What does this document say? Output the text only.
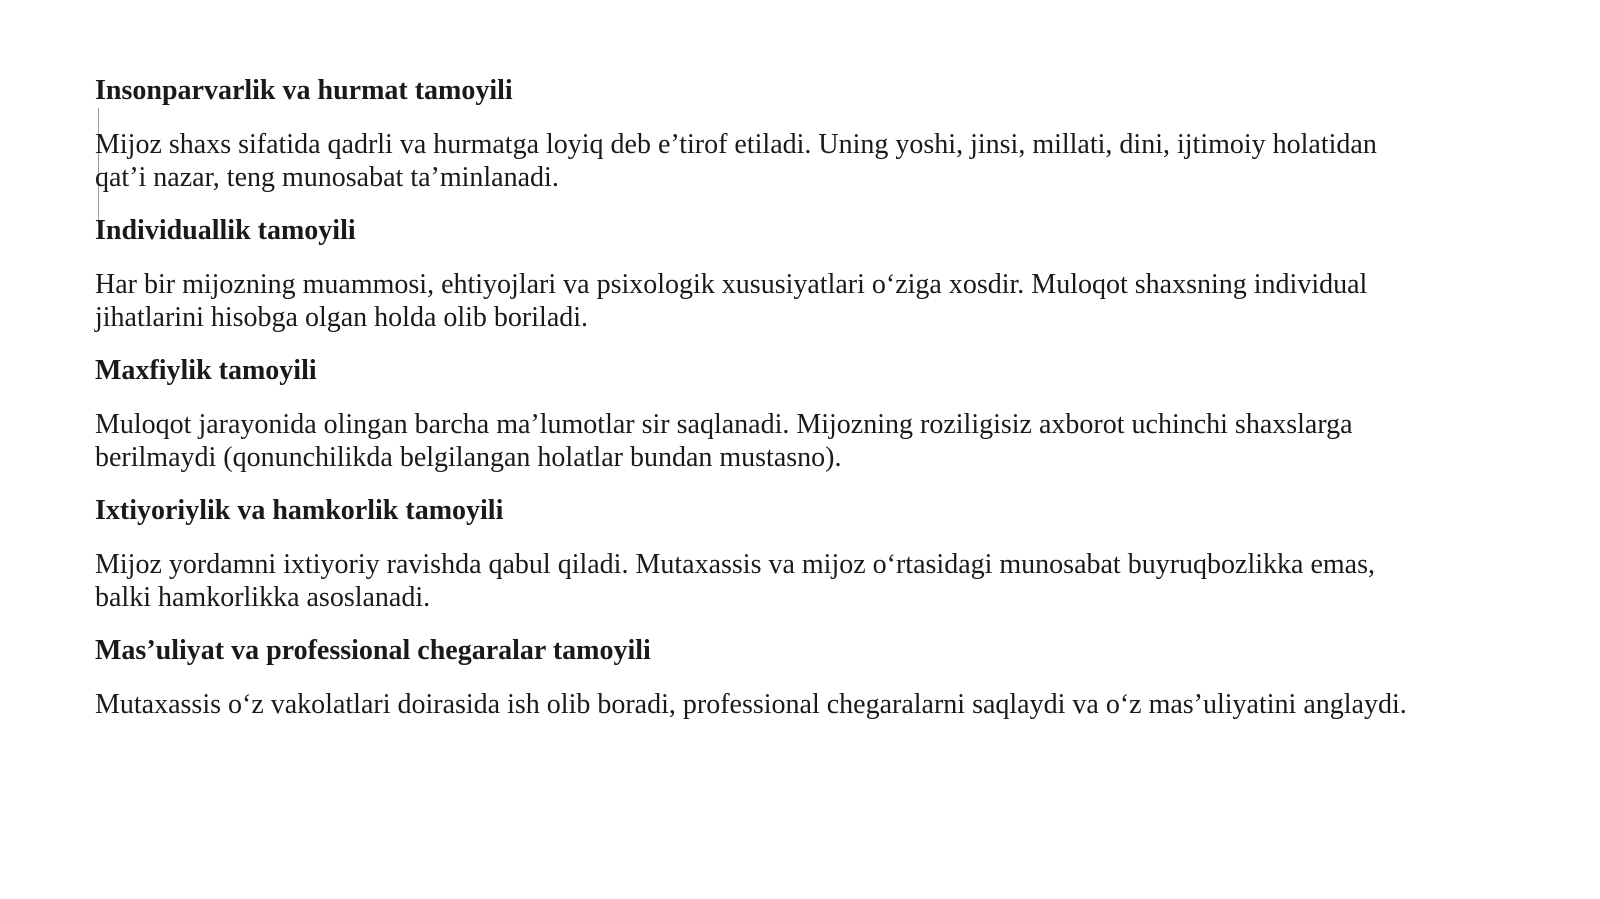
Insonparvarlik va hurmat tamoyili
Mijoz shaxs sifatida qadrli va hurmatga loyiq deb e’tirof etiladi. Uning yoshi, jinsi, millati, dini, ijtimoiy holatidan qat’i nazar, teng munosabat ta’minlanadi.
Individuallik tamoyili
Har bir mijozning muammosi, ehtiyojlari va psixologik xususiyatlari o‘ziga xosdir. Muloqot shaxsning individual jihatlarini hisobga olgan holda olib boriladi.
Maxfiylik tamoyili
Muloqot jarayonida olingan barcha ma’lumotlar sir saqlanadi. Mijozning roziligisiz axborot uchinchi shaxslarga berilmaydi (qonunchilikda belgilangan holatlar bundan mustasno).
Ixtiyoriylik va hamkorlik tamoyili
Mijoz yordamni ixtiyoriy ravishda qabul qiladi. Mutaxassis va mijoz o‘rtasidagi munosabat buyruqbozlikka emas, balki hamkorlikka asoslanadi.
Mas’uliyat va professional chegaralar tamoyili
Mutaxassis o‘z vakolatlari doirasida ish olib boradi, professional chegaralarni saqlaydi va o‘z mas’uliyatini anglaydi.
